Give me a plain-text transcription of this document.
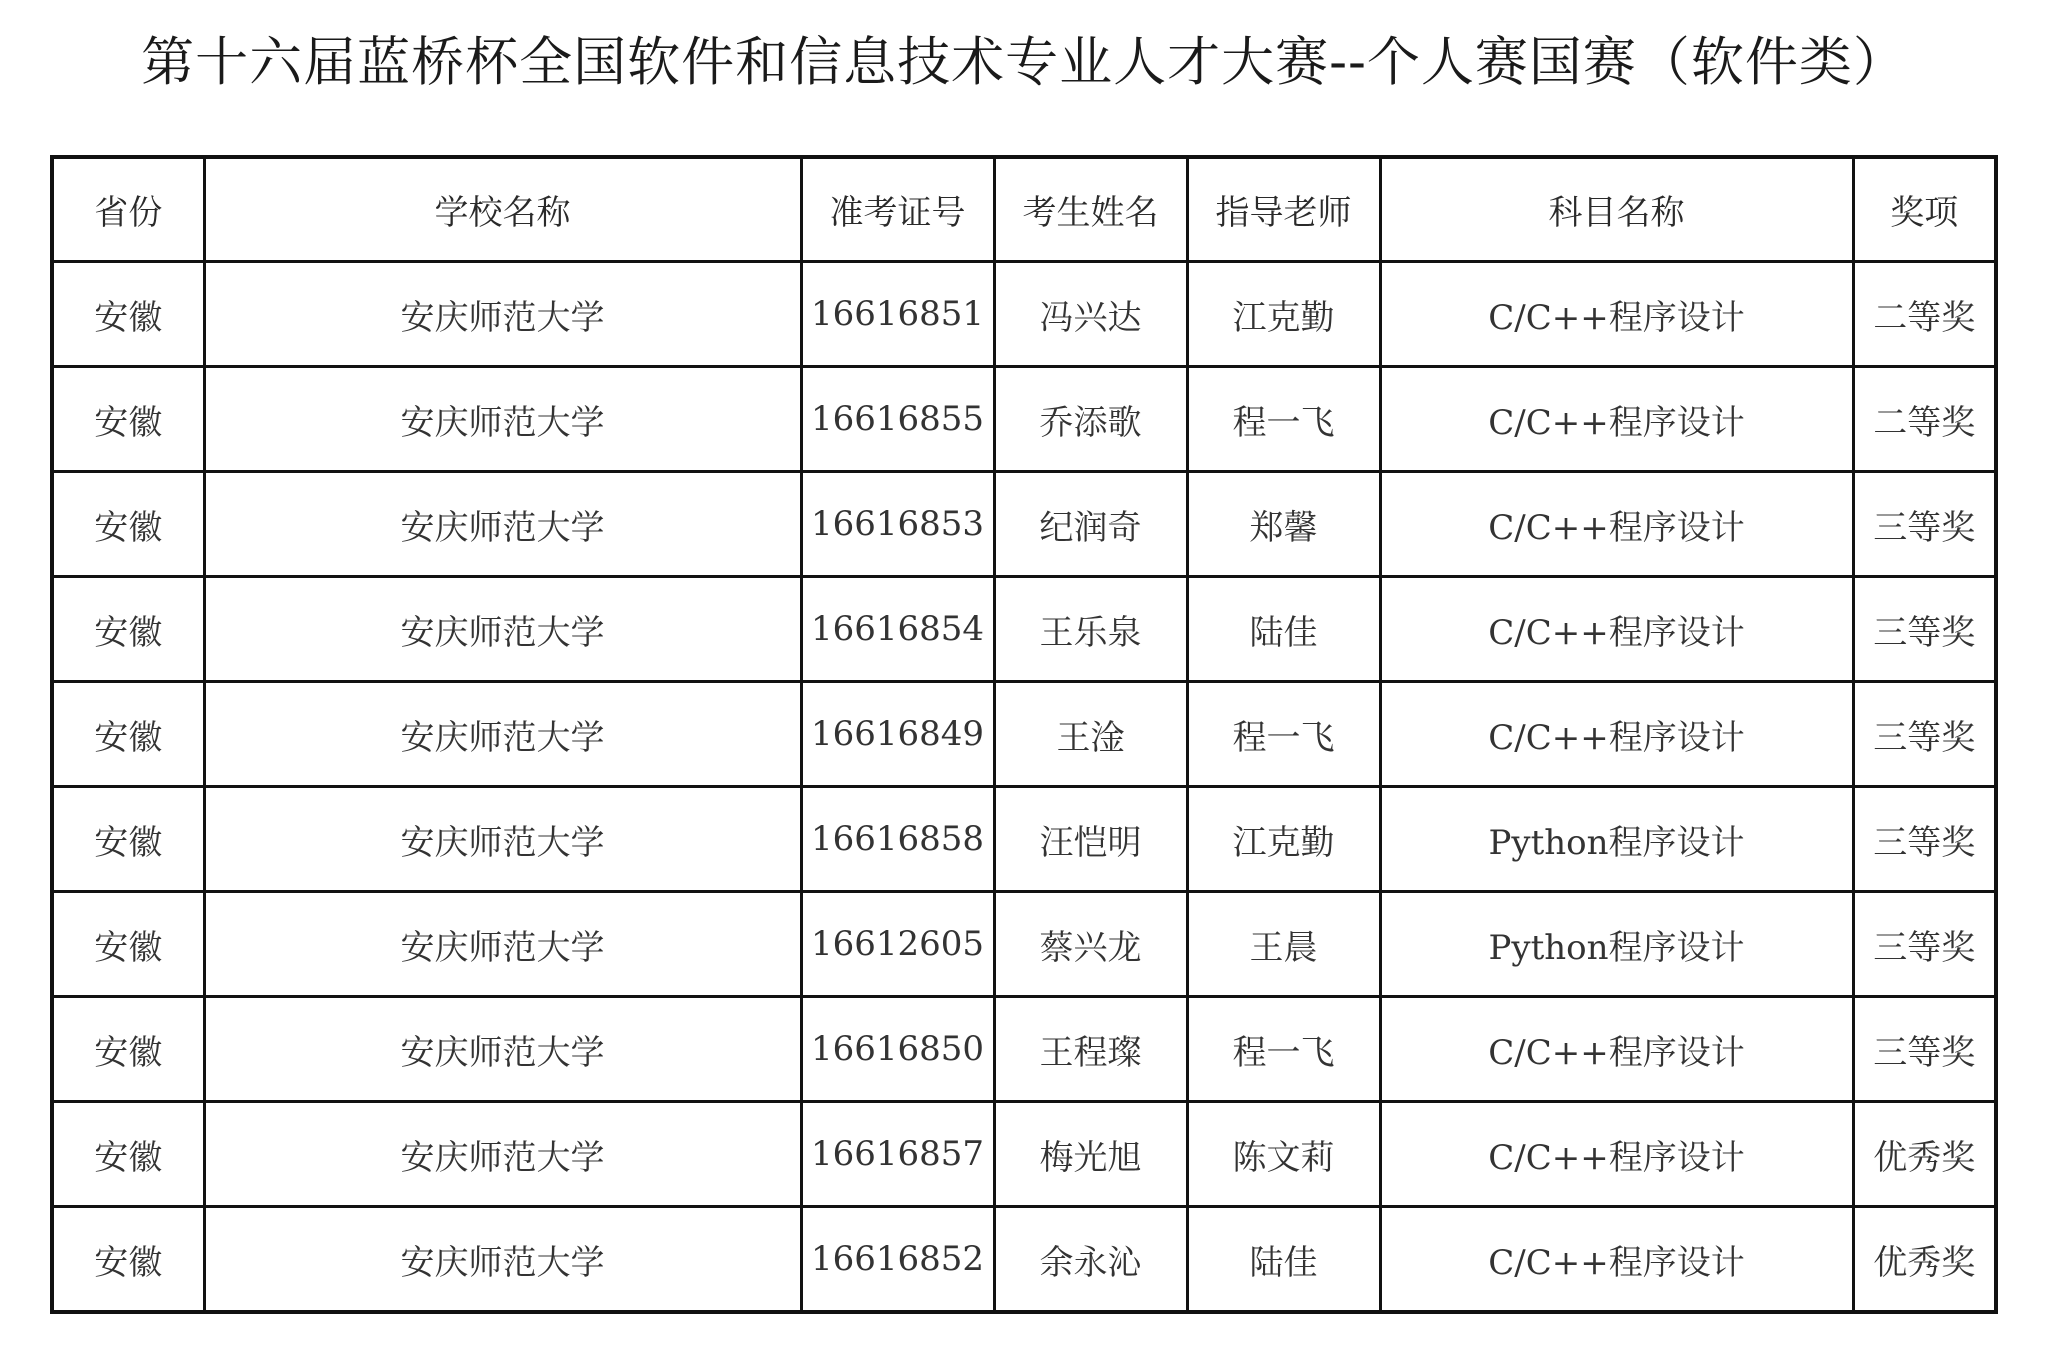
第十六届蓝桥杯全国软件和信息技术专业人才大赛--个人赛国赛（软件类）
省份	学校名称	准考证号	考生姓名	指导老师	科目名称	奖项
安徽	安庆师范大学	16616851	冯兴达	江克勤	C/C++程序设计	二等奖
安徽	安庆师范大学	16616855	乔添歌	程一飞	C/C++程序设计	二等奖
安徽	安庆师范大学	16616853	纪润奇	郑馨	C/C++程序设计	三等奖
安徽	安庆师范大学	16616854	王乐泉	陆佳	C/C++程序设计	三等奖
安徽	安庆师范大学	16616849	王淦	程一飞	C/C++程序设计	三等奖
安徽	安庆师范大学	16616858	汪恺明	江克勤	Python程序设计	三等奖
安徽	安庆师范大学	16612605	蔡兴龙	王晨	Python程序设计	三等奖
安徽	安庆师范大学	16616850	王程璨	程一飞	C/C++程序设计	三等奖
安徽	安庆师范大学	16616857	梅光旭	陈文莉	C/C++程序设计	优秀奖
安徽	安庆师范大学	16616852	余永沁	陆佳	C/C++程序设计	优秀奖
